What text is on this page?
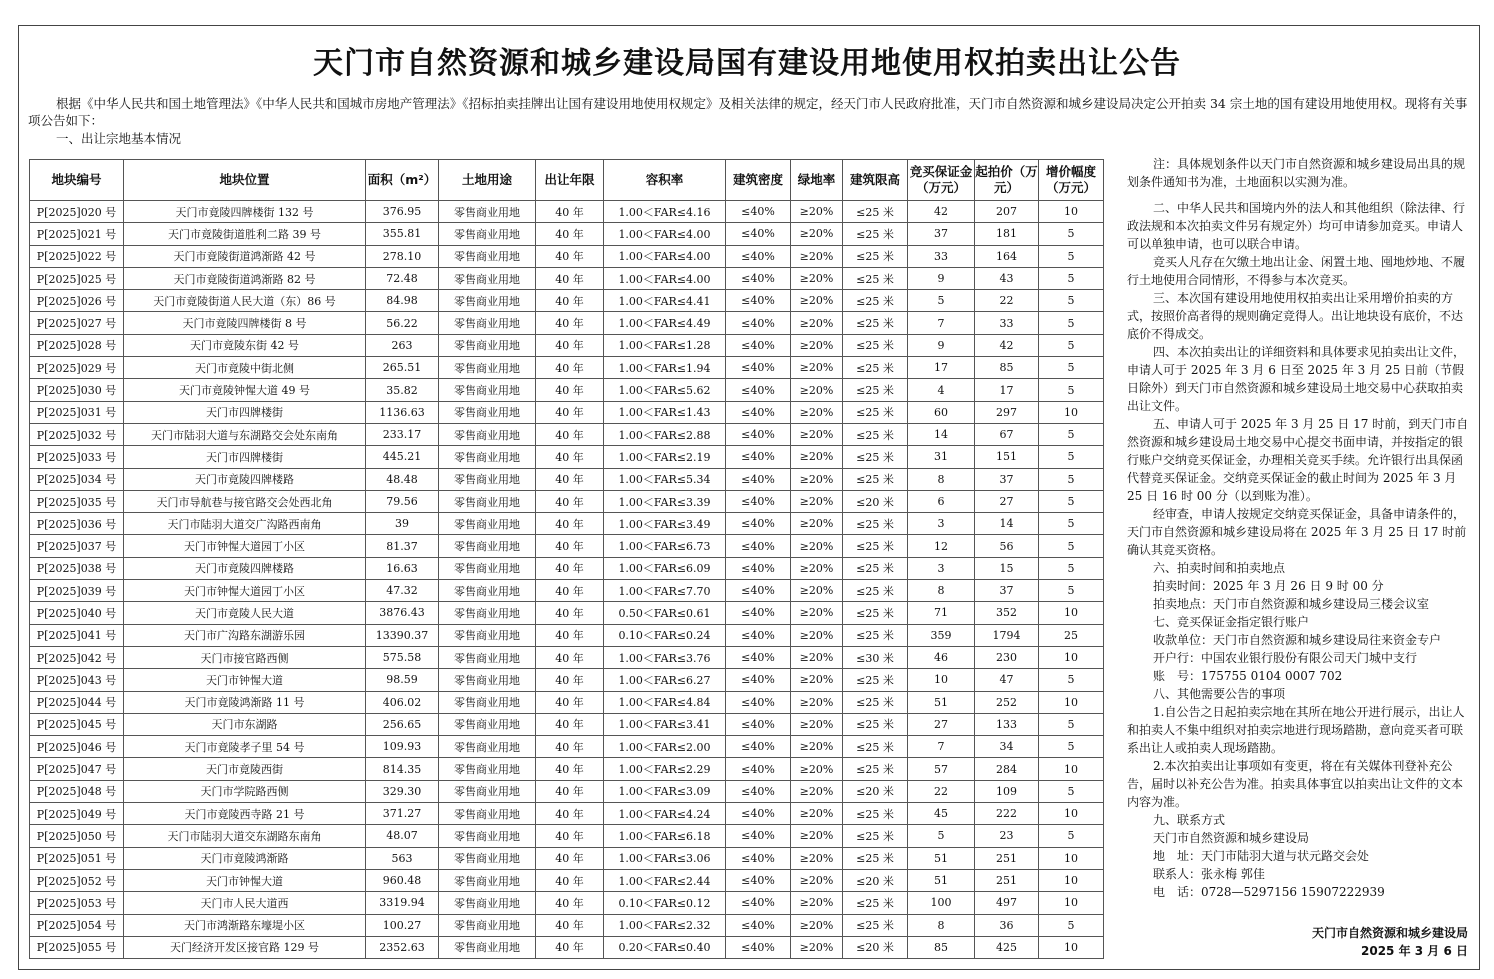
天门市自然资源和城乡建设局国有建设用地使用权拍卖出让公告
根据《中华人民共和国土地管理法》《中华人民共和国城市房地产管理法》《招标拍卖挂牌出让国有建设用地使用权规定》及相关法律的规定，经天门市人民政府批准，天门市自然资源和城乡建设局决定公开拍卖 34 宗土地的国有建设用地使用权。现将有关事项公告如下：
一、出让宗地基本情况
地块编号	地块位置	面积（m²）	土地用途	出让年限	容积率	建筑密度	绿地率	建筑限高	竞买保证金（万元）	起拍价（万元）	增价幅度（万元）
P[2025]020 号	天门市竟陵四牌楼街 132 号	376.95	零售商业用地	40 年	1.00＜FAR≤4.16	≤40%	≥20%	≤25 米	42	207	10
P[2025]021 号	天门市竟陵街道胜利二路 39 号	355.81	零售商业用地	40 年	1.00＜FAR≤4.00	≤40%	≥20%	≤25 米	37	181	5
P[2025]022 号	天门市竟陵街道鸿渐路 42 号	278.10	零售商业用地	40 年	1.00＜FAR≤4.00	≤40%	≥20%	≤25 米	33	164	5
P[2025]025 号	天门市竟陵街道鸿渐路 82 号	72.48	零售商业用地	40 年	1.00＜FAR≤4.00	≤40%	≥20%	≤25 米	9	43	5
P[2025]026 号	天门市竟陵街道人民大道（东）86 号	84.98	零售商业用地	40 年	1.00＜FAR≤4.41	≤40%	≥20%	≤25 米	5	22	5
P[2025]027 号	天门市竟陵四牌楼街 8 号	56.22	零售商业用地	40 年	1.00＜FAR≤4.49	≤40%	≥20%	≤25 米	7	33	5
P[2025]028 号	天门市竟陵东街 42 号	263	零售商业用地	40 年	1.00＜FAR≤1.28	≤40%	≥20%	≤25 米	9	42	5
P[2025]029 号	天门市竟陵中街北侧	265.51	零售商业用地	40 年	1.00＜FAR≤1.94	≤40%	≥20%	≤25 米	17	85	5
P[2025]030 号	天门市竟陵钟惺大道 49 号	35.82	零售商业用地	40 年	1.00＜FAR≤5.62	≤40%	≥20%	≤25 米	4	17	5
P[2025]031 号	天门市四牌楼街	1136.63	零售商业用地	40 年	1.00＜FAR≤1.43	≤40%	≥20%	≤25 米	60	297	10
P[2025]032 号	天门市陆羽大道与东湖路交会处东南角	233.17	零售商业用地	40 年	1.00＜FAR≤2.88	≤40%	≥20%	≤25 米	14	67	5
P[2025]033 号	天门市四牌楼街	445.21	零售商业用地	40 年	1.00＜FAR≤2.19	≤40%	≥20%	≤25 米	31	151	5
P[2025]034 号	天门市竟陵四牌楼路	48.48	零售商业用地	40 年	1.00＜FAR≤5.34	≤40%	≥20%	≤25 米	8	37	5
P[2025]035 号	天门市导航巷与接官路交会处西北角	79.56	零售商业用地	40 年	1.00＜FAR≤3.39	≤40%	≥20%	≤20 米	6	27	5
P[2025]036 号	天门市陆羽大道交广沟路西南角	39	零售商业用地	40 年	1.00＜FAR≤3.49	≤40%	≥20%	≤25 米	3	14	5
P[2025]037 号	天门市钟惺大道园丁小区	81.37	零售商业用地	40 年	1.00＜FAR≤6.73	≤40%	≥20%	≤25 米	12	56	5
P[2025]038 号	天门市竟陵四牌楼路	16.63	零售商业用地	40 年	1.00＜FAR≤6.09	≤40%	≥20%	≤25 米	3	15	5
P[2025]039 号	天门市钟惺大道园丁小区	47.32	零售商业用地	40 年	1.00＜FAR≤7.70	≤40%	≥20%	≤25 米	8	37	5
P[2025]040 号	天门市竟陵人民大道	3876.43	零售商业用地	40 年	0.50＜FAR≤0.61	≤40%	≥20%	≤25 米	71	352	10
P[2025]041 号	天门市广沟路东湖游乐园	13390.37	零售商业用地	40 年	0.10＜FAR≤0.24	≤40%	≥20%	≤25 米	359	1794	25
P[2025]042 号	天门市接官路西侧	575.58	零售商业用地	40 年	1.00＜FAR≤3.76	≤40%	≥20%	≤30 米	46	230	10
P[2025]043 号	天门市钟惺大道	98.59	零售商业用地	40 年	1.00＜FAR≤6.27	≤40%	≥20%	≤25 米	10	47	5
P[2025]044 号	天门市竟陵鸿渐路 11 号	406.02	零售商业用地	40 年	1.00＜FAR≤4.84	≤40%	≥20%	≤25 米	51	252	10
P[2025]045 号	天门市东湖路	256.65	零售商业用地	40 年	1.00＜FAR≤3.41	≤40%	≥20%	≤25 米	27	133	5
P[2025]046 号	天门市竟陵孝子里 54 号	109.93	零售商业用地	40 年	1.00＜FAR≤2.00	≤40%	≥20%	≤25 米	7	34	5
P[2025]047 号	天门市竟陵西街	814.35	零售商业用地	40 年	1.00＜FAR≤2.29	≤40%	≥20%	≤25 米	57	284	10
P[2025]048 号	天门市学院路西侧	329.30	零售商业用地	40 年	1.00＜FAR≤3.09	≤40%	≥20%	≤20 米	22	109	5
P[2025]049 号	天门市竟陵西寺路 21 号	371.27	零售商业用地	40 年	1.00＜FAR≤4.24	≤40%	≥20%	≤25 米	45	222	10
P[2025]050 号	天门市陆羽大道交东湖路东南角	48.07	零售商业用地	40 年	1.00＜FAR≤6.18	≤40%	≥20%	≤25 米	5	23	5
P[2025]051 号	天门市竟陵鸿渐路	563	零售商业用地	40 年	1.00＜FAR≤3.06	≤40%	≥20%	≤25 米	51	251	10
P[2025]052 号	天门市钟惺大道	960.48	零售商业用地	40 年	1.00＜FAR≤2.44	≤40%	≥20%	≤20 米	51	251	10
P[2025]053 号	天门市人民大道西	3319.94	零售商业用地	40 年	0.10＜FAR≤0.12	≤40%	≥20%	≤25 米	100	497	10
P[2025]054 号	天门市鸿渐路东壕堤小区	100.27	零售商业用地	40 年	1.00＜FAR≤2.32	≤40%	≥20%	≤25 米	8	36	5
P[2025]055 号	天门经济开发区接官路 129 号	2352.63	零售商业用地	40 年	0.20＜FAR≤0.40	≤40%	≥20%	≤20 米	85	425	10

注：具体规划条件以天门市自然资源和城乡建设局出具的规划条件通知书为准，土地面积以实测为准。

二、中华人民共和国境内外的法人和其他组织（除法律、行政法规和本次拍卖文件另有规定外）均可申请参加竞买。申请人可以单独申请，也可以联合申请。

竞买人凡存在欠缴土地出让金、闲置土地、囤地炒地、不履行土地使用合同情形，不得参与本次竞买。

三、本次国有建设用地使用权拍卖出让采用增价拍卖的方式，按照价高者得的规则确定竞得人。出让地块设有底价，不达底价不得成交。

四、本次拍卖出让的详细资料和具体要求见拍卖出让文件，申请人可于 2025 年 3 月 6 日至 2025 年 3 月 25 日前（节假日除外）到天门市自然资源和城乡建设局土地交易中心获取拍卖出让文件。

五、申请人可于 2025 年 3 月 25 日 17 时前，到天门市自然资源和城乡建设局土地交易中心提交书面申请，并按指定的银行账户交纳竞买保证金，办理相关竞买手续。允许银行出具保函代替竞买保证金。交纳竞买保证金的截止时间为 2025 年 3 月 25 日 16 时 00 分（以到账为准）。

经审查，申请人按规定交纳竞买保证金，具备申请条件的，天门市自然资源和城乡建设局将在 2025 年 3 月 25 日 17 时前确认其竞买资格。

六、拍卖时间和拍卖地点

拍卖时间：2025 年 3 月 26 日 9 时 00 分

拍卖地点：天门市自然资源和城乡建设局三楼会议室

七、竞买保证金指定银行账户

收款单位：天门市自然资源和城乡建设局往来资金专户

开户行：中国农业银行股份有限公司天门城中支行

账　号：175755 0104 0007 702

八、其他需要公告的事项

1.自公告之日起拍卖宗地在其所在地公开进行展示，出让人和拍卖人不集中组织对拍卖宗地进行现场踏勘，意向竞买者可联系出让人或拍卖人现场踏勘。

2.本次拍卖出让事项如有变更，将在有关媒体刊登补充公告，届时以补充公告为准。拍卖具体事宜以拍卖出让文件的文本内容为准。

九、联系方式

天门市自然资源和城乡建设局

地　址：天门市陆羽大道与状元路交会处

联系人：张永梅 郭佳

电　话：0728—5297156 15907222939

天门市自然资源和城乡建设局
2025 年 3 月 6 日
